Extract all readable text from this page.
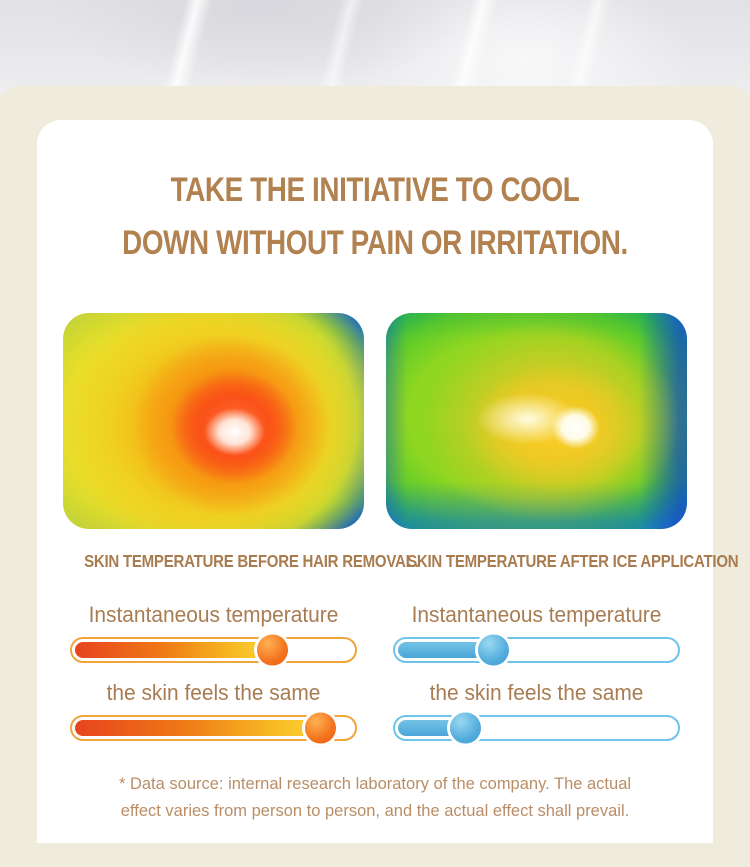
TAKE THE INITIATIVE TO COOL
DOWN WITHOUT PAIN OR IRRITATION.
SKIN TEMPERATURE BEFORE HAIR REMOVAL.
Instantaneous temperature
the skin feels the same
SKIN TEMPERATURE AFTER ICE APPLICATION
Instantaneous temperature
the skin feels the same
* Data source: internal research laboratory of the company. The actual
effect varies from person to person, and the actual effect shall prevail.
